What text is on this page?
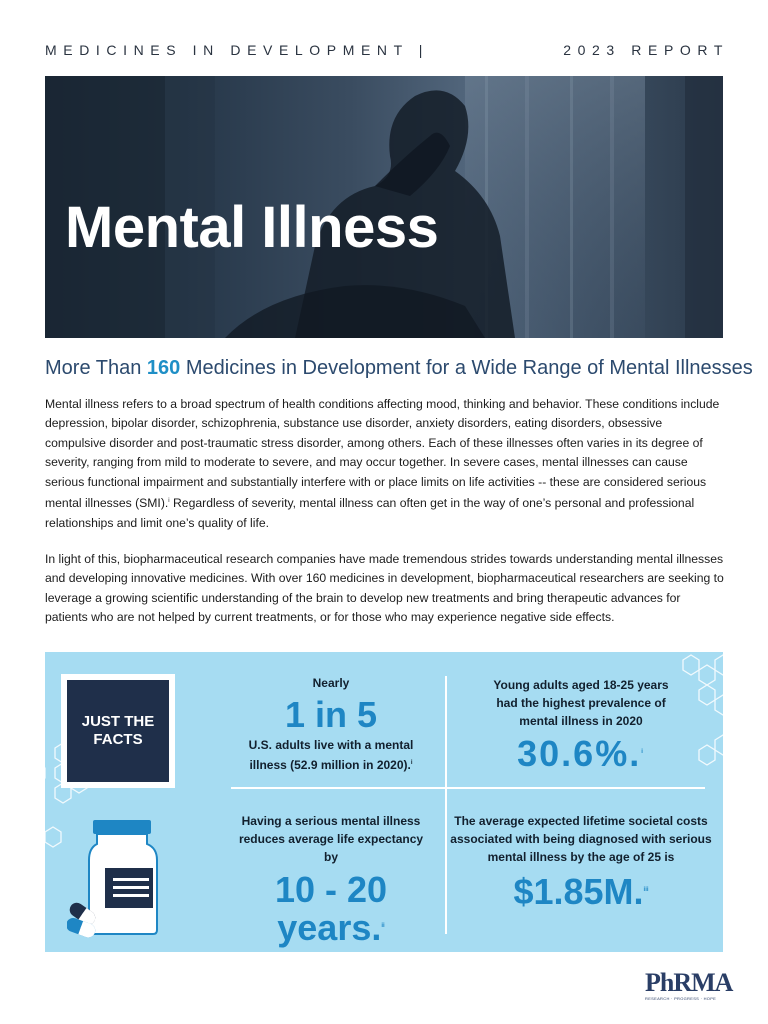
MEDICINES IN DEVELOPMENT |	2023 REPORT
Mental Illness
More Than 160 Medicines in Development for a Wide Range of Mental Illnesses
Mental illness refers to a broad spectrum of health conditions affecting mood, thinking and behavior. These conditions include depression, bipolar disorder, schizophrenia, substance use disorder, anxiety disorders, eating disorders, obsessive compulsive disorder and post-traumatic stress disorder, among others. Each of these illnesses often varies in its degree of severity, ranging from mild to moderate to severe, and may occur together. In severe cases, mental illnesses can cause serious functional impairment and substantially interfere with or place limits on life activities -- these are considered serious mental illnesses (SMI).$^i$ Regardless of severity, mental illness can often get in the way of one’s personal and professional relationships and limit one’s quality of life.
In light of this, biopharmaceutical research companies have made tremendous strides towards understanding mental illnesses and developing innovative medicines. With over 160 medicines in development, biopharmaceutical researchers are seeking to leverage a growing scientific understanding of the brain to develop new treatments and bring therapeutic advances for patients who are not helped by current treatments, or for those who may experience negative side effects.
JUST THE
FACTS
Nearly
1 in 5
U.S. adults live with a mental illness (52.9 million in 2020).$^i$
Young adults aged 18-25 years had the highest prevalence of mental illness in 2020
30.6%.$^i$
Having a serious mental illness reduces average life expectancy by
10 - 20 years.$^{ii}$
The average expected lifetime societal costs associated with being diagnosed with serious mental illness by the age of 25 is
$1.85M.$^{iii}$
PhRMA
RESEARCH · PROGRESS · HOPE
